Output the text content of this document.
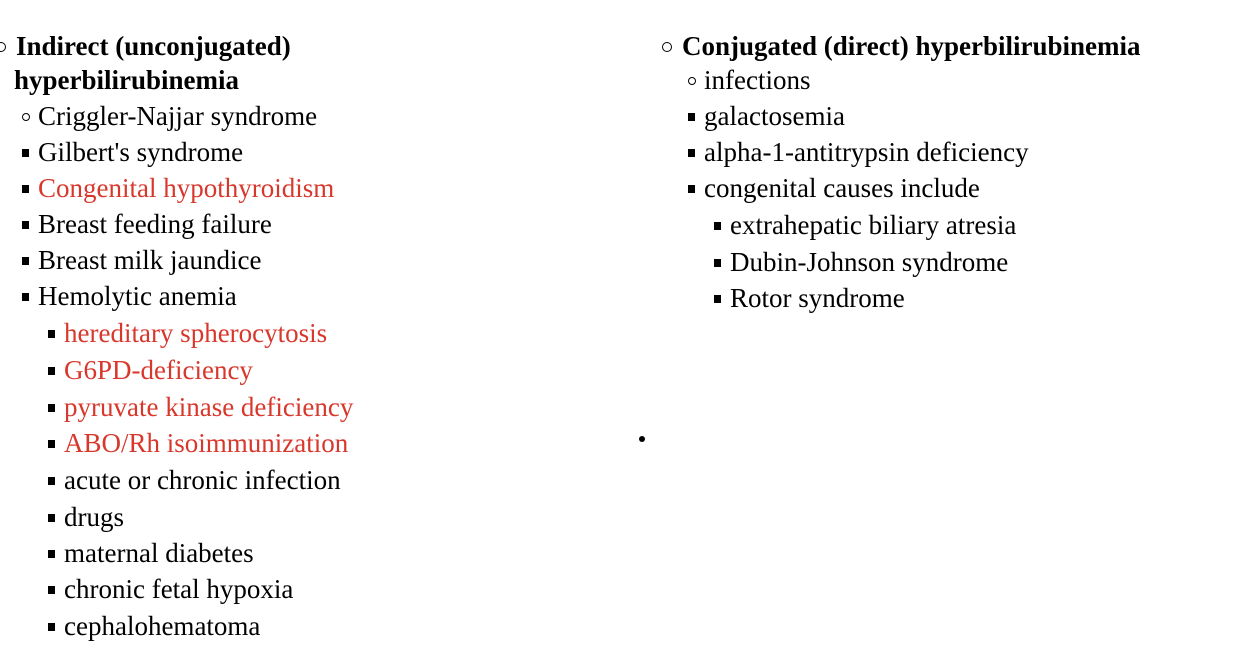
Indirect (unconjugated)
hyperbilirubinemia
Criggler-Najjar syndrome
Gilbert's syndrome
Congenital hypothyroidism
Breast feeding failure
Breast milk jaundice
Hemolytic anemia
hereditary spherocytosis
G6PD-deficiency
pyruvate kinase deficiency
ABO/Rh isoimmunization
acute or chronic infection
drugs
maternal diabetes
chronic fetal hypoxia
cephalohematoma
Conjugated (direct) hyperbilirubinemia
infections
galactosemia
alpha-1-antitrypsin deficiency
congenital causes include
extrahepatic biliary atresia
Dubin-Johnson syndrome
Rotor syndrome
